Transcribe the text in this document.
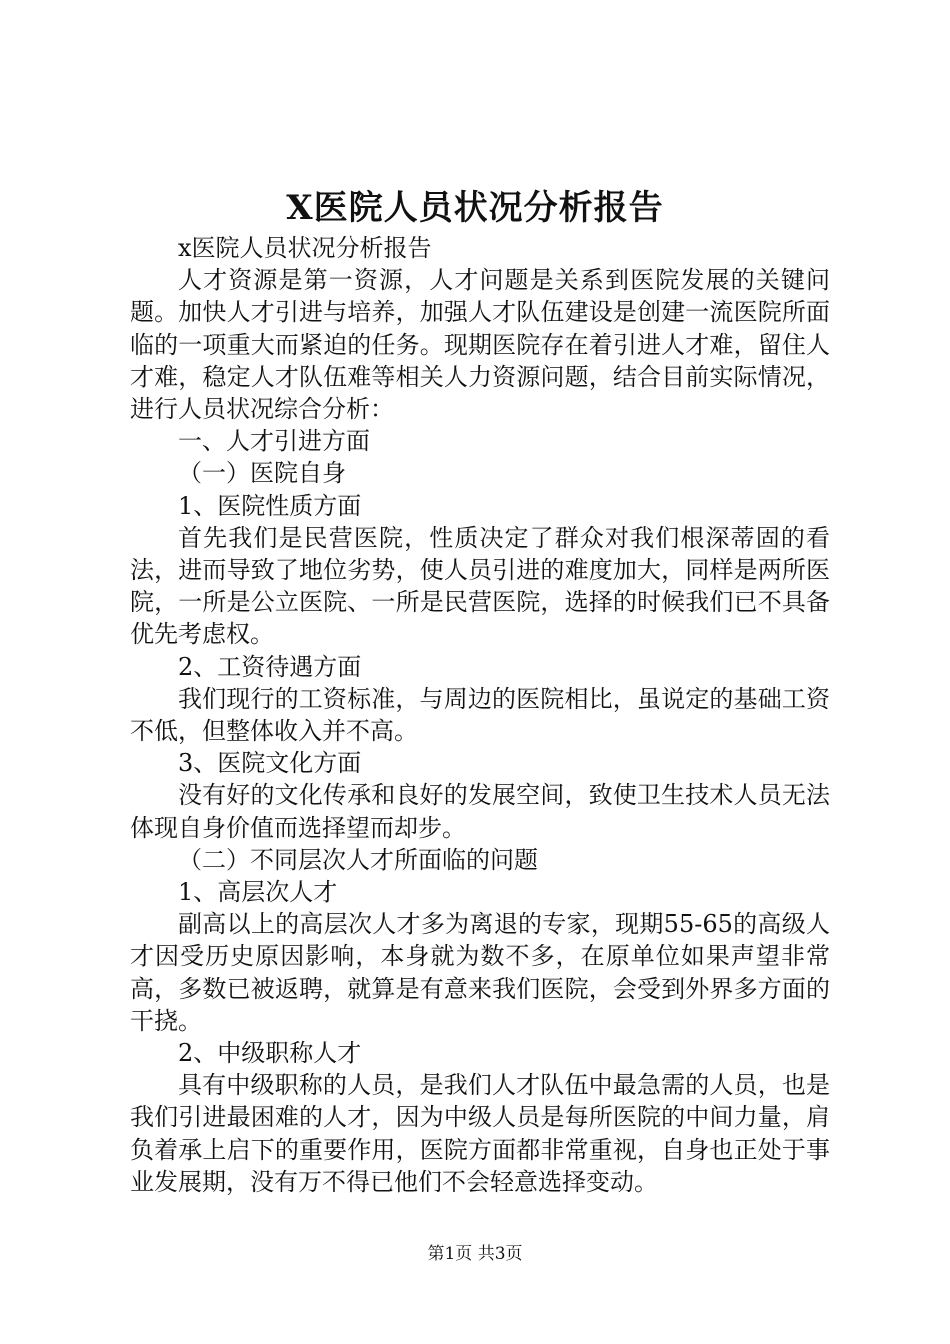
X医院人员状况分析报告

x医院人员状况分析报告

人才资源是第一资源，人才问题是关系到医院发展的关键问题。加快人才引进与培养，加强人才队伍建设是创建一流医院所面临的一项重大而紧迫的任务。现期医院存在着引进人才难，留住人才难，稳定人才队伍难等相关人力资源问题，结合目前实际情况，进行人员状况综合分析：

一、人才引进方面

（一）医院自身

1、医院性质方面

首先我们是民营医院，性质决定了群众对我们根深蒂固的看法，进而导致了地位劣势，使人员引进的难度加大，同样是两所医院，一所是公立医院、一所是民营医院，选择的时候我们已不具备优先考虑权。

2、工资待遇方面

我们现行的工资标准，与周边的医院相比，虽说定的基础工资不低，但整体收入并不高。

3、医院文化方面

没有好的文化传承和良好的发展空间，致使卫生技术人员无法体现自身价值而选择望而却步。

（二）不同层次人才所面临的问题

1、高层次人才

副高以上的高层次人才多为离退的专家，现期55-65的高级人才因受历史原因影响，本身就为数不多，在原单位如果声望非常高，多数已被返聘，就算是有意来我们医院，会受到外界多方面的干挠。

2、中级职称人才

具有中级职称的人员，是我们人才队伍中最急需的人员，也是我们引进最困难的人才，因为中级人员是每所医院的中间力量，肩负着承上启下的重要作用，医院方面都非常重视，自身也正处于事业发展期，没有万不得已他们不会轻意选择变动。

第1页 共3页
